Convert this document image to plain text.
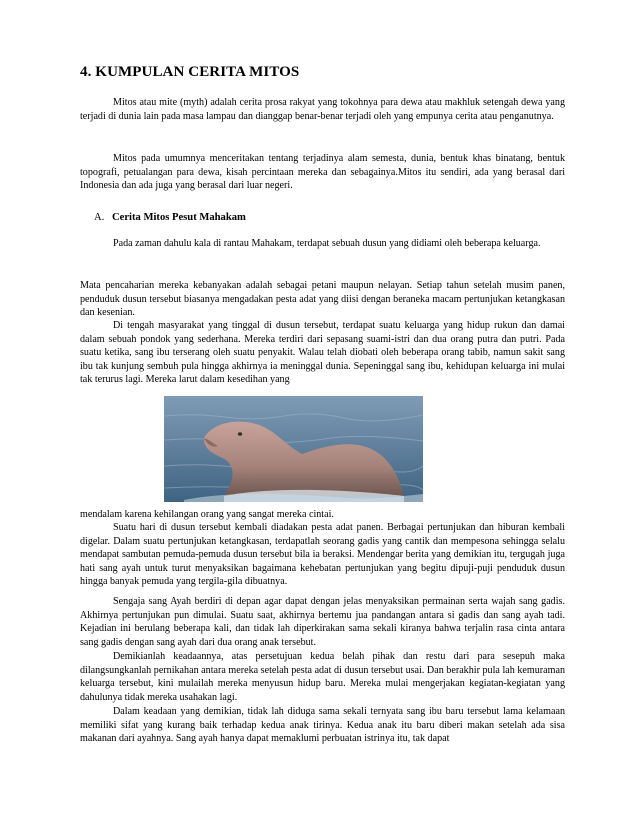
4. KUMPULAN CERITA MITOS

Mitos atau mite (myth) adalah cerita prosa rakyat yang tokohnya para dewa atau makhluk setengah dewa yang terjadi di dunia lain pada masa lampau dan dianggap benar-benar terjadi oleh yang empunya cerita atau penganutnya.

Mitos pada umumnya menceritakan tentang terjadinya alam semesta, dunia, bentuk khas binatang, bentuk topografi, petualangan para dewa, kisah percintaan mereka dan sebagainya.Mitos itu sendiri, ada yang berasal dari Indonesia dan ada juga yang berasal dari luar negeri.

A. Cerita Mitos Pesut Mahakam

Pada zaman dahulu kala di rantau Mahakam, terdapat sebuah dusun yang didiami oleh beberapa keluarga.

Mata pencaharian mereka kebanyakan adalah sebagai petani maupun nelayan. Setiap tahun setelah musim panen, penduduk dusun tersebut biasanya mengadakan pesta adat yang diisi dengan beraneka macam pertunjukan ketangkasan dan kesenian.

Di tengah masyarakat yang tinggal di dusun tersebut, terdapat suatu keluarga yang hidup rukun dan damai dalam sebuah pondok yang sederhana. Mereka terdiri dari sepasang suami-istri dan dua orang putra dan putri. Pada suatu ketika, sang ibu terserang oleh suatu penyakit. Walau telah diobati oleh beberapa orang tabib, namun sakit sang ibu tak kunjung sembuh pula hingga akhirnya ia meninggal dunia. Sepeninggal sang ibu, kehidupan keluarga ini mulai tak terurus lagi. Mereka larut dalam kesedihan yang

mendalam karena kehilangan orang yang sangat mereka cintai.

Suatu hari di dusun tersebut kembali diadakan pesta adat panen. Berbagai pertunjukan dan hiburan kembali digelar. Dalam suatu pertunjukan ketangkasan, terdapatlah seorang gadis yang cantik dan mempesona sehingga selalu mendapat sambutan pemuda-pemuda dusun tersebut bila ia beraksi. Mendengar berita yang demikian itu, tergugah juga hati sang ayah untuk turut menyaksikan bagaimana kehebatan pertunjukan yang begitu dipuji-puji penduduk dusun hingga banyak pemuda yang tergila-gila dibuatnya.

Sengaja sang Ayah berdiri di depan agar dapat dengan jelas menyaksikan permainan serta wajah sang gadis. Akhirnya pertunjukan pun dimulai. Suatu saat, akhirnya bertemu jua pandangan antara si gadis dan sang ayah tadi. Kejadian ini berulang beberapa kali, dan tidak lah diperkirakan sama sekali kiranya bahwa terjalin rasa cinta antara sang gadis dengan sang ayah dari dua orang anak tersebut.

Demikianlah keadaannya, atas persetujuan kedua belah pihak dan restu dari para sesepuh maka dilangsungkanlah pernikahan antara mereka setelah pesta adat di dusun tersebut usai. Dan berakhir pula lah kemuraman keluarga tersebut, kini mulailah mereka menyusun hidup baru. Mereka mulai mengerjakan kegiatan-kegiatan yang dahulunya tidak mereka usahakan lagi.

Dalam keadaan yang demikian, tidak lah diduga sama sekali ternyata sang ibu baru tersebut lama kelamaan memiliki sifat yang kurang baik terhadap kedua anak tirinya. Kedua anak itu baru diberi makan setelah ada sisa makanan dari ayahnya. Sang ayah hanya dapat memaklumi perbuatan istrinya itu, tak dapat
